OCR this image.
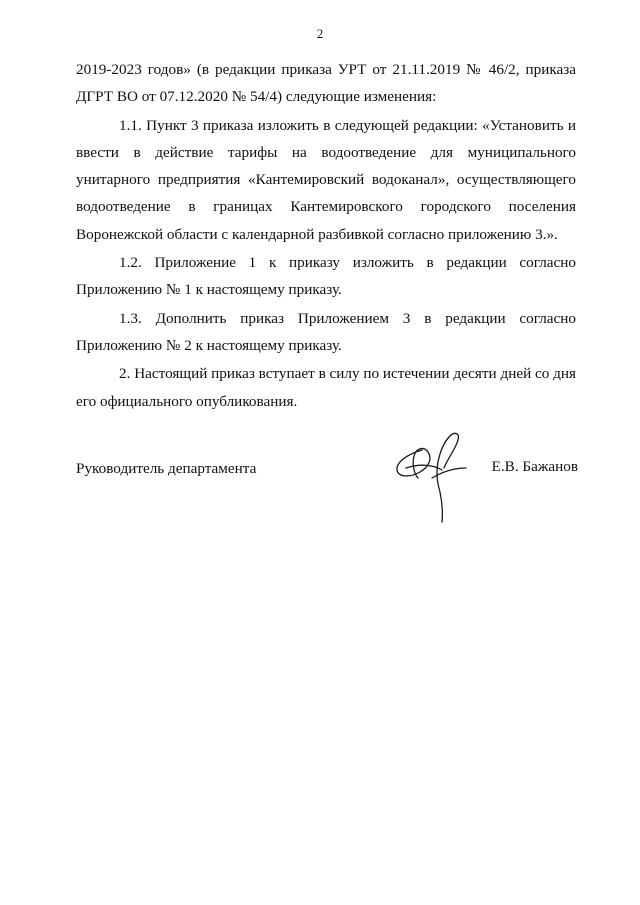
2

2019-2023 годов» (в редакции приказа УРТ от 21.11.2019 № 46/2, приказа ДГРТ ВО от 07.12.2020 № 54/4) следующие изменения:

1.1. Пункт 3 приказа изложить в следующей редакции: «Установить и ввести в действие тарифы на водоотведение для муниципального унитарного предприятия «Кантемировский водоканал», осуществляющего водоотведение в границах Кантемировского городского поселения Воронежской области с календарной разбивкой согласно приложению 3.».

1.2. Приложение 1 к приказу изложить в редакции согласно Приложению № 1 к настоящему приказу.

1.3. Дополнить приказ Приложением 3 в редакции согласно Приложению № 2 к настоящему приказу.

2. Настоящий приказ вступает в силу по истечении десяти дней со дня его официального опубликования.

Руководитель департамента	Е.В. Бажанов
